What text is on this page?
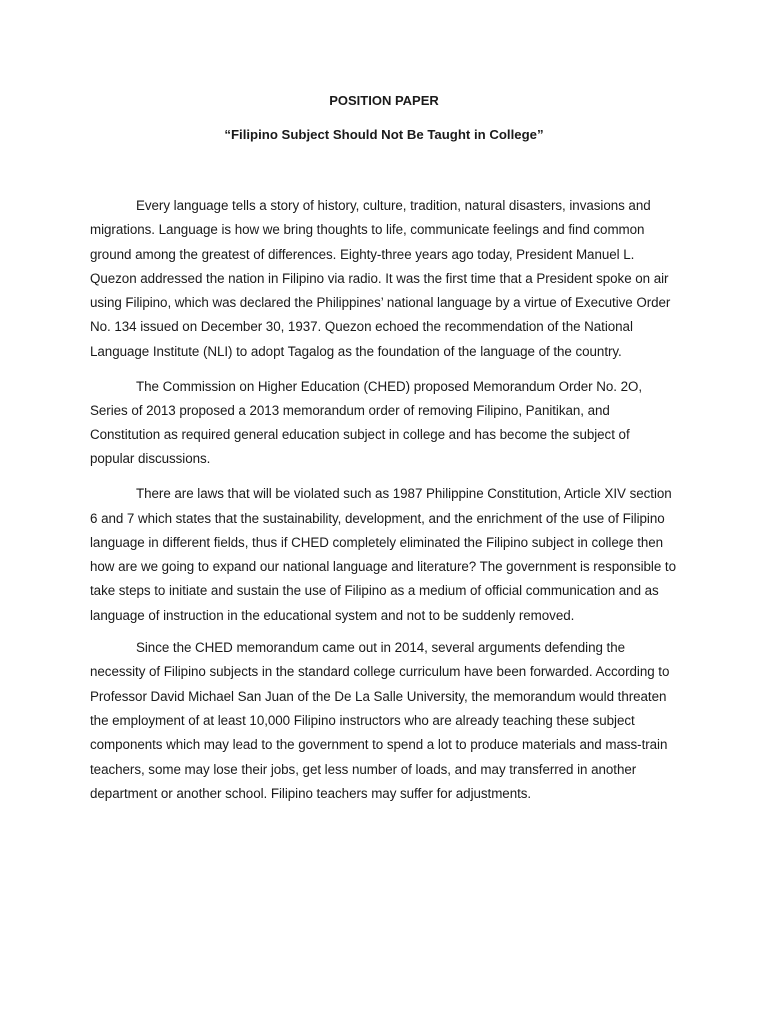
POSITION PAPER
“Filipino Subject Should Not Be Taught in College”

Every language tells a story of history, culture, tradition, natural disasters, invasions and migrations. Language is how we bring thoughts to life, communicate feelings and find common ground among the greatest of differences. Eighty-three years ago today, President Manuel L. Quezon addressed the nation in Filipino via radio. It was the first time that a President spoke on air using Filipino, which was declared the Philippines’ national language by a virtue of Executive Order No. 134 issued on December 30, 1937. Quezon echoed the recommendation of the National Language Institute (NLI) to adopt Tagalog as the foundation of the language of the country.

The Commission on Higher Education (CHED) proposed Memorandum Order No. 2O, Series of 2013 proposed a 2013 memorandum order of removing Filipino, Panitikan, and Constitution as required general education subject in college and has become the subject of popular discussions.

There are laws that will be violated such as 1987 Philippine Constitution, Article XIV section 6 and 7 which states that the sustainability, development, and the enrichment of the use of Filipino language in different fields, thus if CHED completely eliminated the Filipino subject in college then how are we going to expand our national language and literature? The government is responsible to take steps to initiate and sustain the use of Filipino as a medium of official communication and as language of instruction in the educational system and not to be suddenly removed.

Since the CHED memorandum came out in 2014, several arguments defending the necessity of Filipino subjects in the standard college curriculum have been forwarded. According to Professor David Michael San Juan of the De La Salle University, the memorandum would threaten the employment of at least 10,000 Filipino instructors who are already teaching these subject components which may lead to the government to spend a lot to produce materials and mass-train teachers, some may lose their jobs, get less number of loads, and may transferred in another department or another school. Filipino teachers may suffer for adjustments.
